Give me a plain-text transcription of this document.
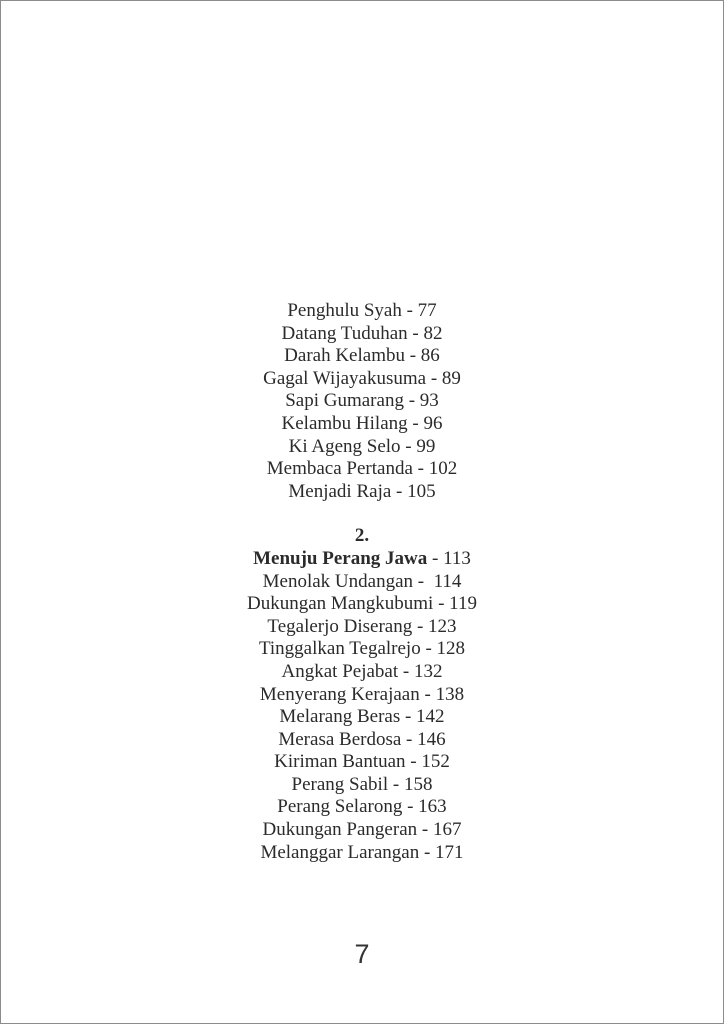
Penghulu Syah - 77
Datang Tuduhan - 82
Darah Kelambu - 86
Gagal Wijayakusuma - 89
Sapi Gumarang - 93
Kelambu Hilang - 96
Ki Ageng Selo - 99
Membaca Pertanda - 102
Menjadi Raja - 105
2.
Menuju Perang Jawa - 113
Menolak Undangan -  114
Dukungan Mangkubumi - 119
Tegalerjo Diserang - 123
Tinggalkan Tegalrejo - 128
Angkat Pejabat - 132
Menyerang Kerajaan - 138
Melarang Beras - 142
Merasa Berdosa - 146
Kiriman Bantuan - 152
Perang Sabil - 158
Perang Selarong - 163
Dukungan Pangeran - 167
Melanggar Larangan - 171
7
